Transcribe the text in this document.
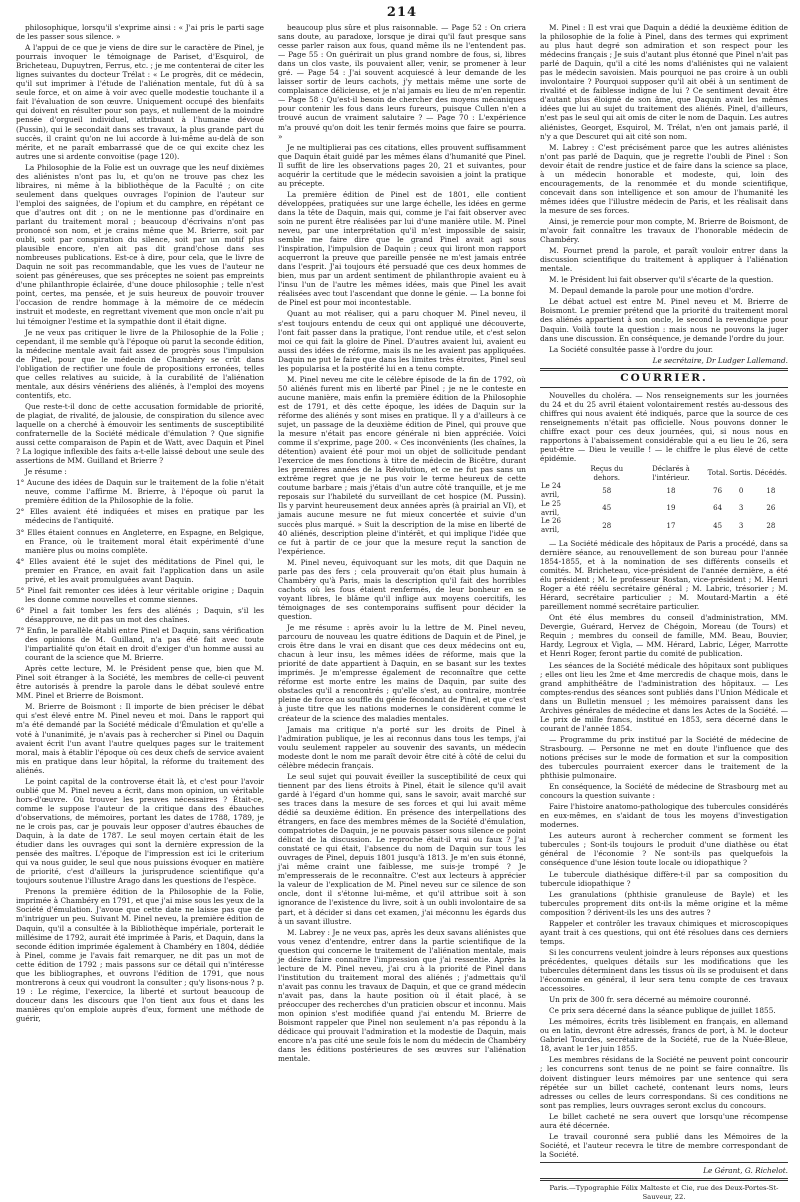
214

philosophique, lorsqu'il s'exprime ainsi : « J'ai pris le parti sage de les passer sous silence. »

A l'appui de ce que je viens de dire sur le caractère de Pinel, je pourrais invoquer le témoignage de Pariset, d'Esquirol, de Bricheteau, Dupuytren, Ferrus, etc. ; je me contenterai de citer les lignes suivantes du docteur Trélat : « Le progrès, dit ce médecin, qu'il sut imprimer à l'étude de l'aliénation mentale, fut dû à sa seule force, et on aime à voir avec quelle modestie touchante il a fait l'évaluation de son œuvre. Uniquement occupé des bienfaits qui doivent en résulter pour son pays, et nullement de la moindre pensée d'orgueil individuel, attribuant à l'humaine dévoué (Pussin), qui le secondait dans ses travaux, la plus grande part du succès, il craint qu'on ne lui accorde à lui-même au-delà de son mérite, et ne paraît embarrassé que de ce qui excite chez les autres une si ardente convoitise (page 120).

La Philosophie de la Folie est un ouvrage que les neuf dixièmes des aliénistes n'ont pas lu, et qu'on ne trouve pas chez les libraires, ni même à la bibliothèque de la Faculté ; on cite seulement dans quelques ouvrages l'opinion de l'auteur sur l'emploi des saignées, de l'opium et du camphre, en répétant ce que d'autres ont dit ; on ne le mentionne pas d'ordinaire en parlant du traitement moral ; beaucoup d'écrivains n'ont pas prononcé son nom, et je crains même que M. Brierre, soit par oubli, soit par conspiration du silence, soit par un motif plus plausible encore, n'en ait pas dit grand'chose dans ses nombreuses publications. Est-ce à dire, pour cela, que le livre de Daquin ne soit pas recommandable, que les vues de l'auteur ne soient pas généreuses, que ses préceptes ne soient pas empreints d'une philanthropie éclairée, d'une douce philosophie ; telle n'est point, certes, ma pensée, et je suis heureux de pouvoir trouver l'occasion de rendre hommage à la mémoire de ce médecin instruit et modeste, en regrettant vivement que mon oncle n'ait pu lui témoigner l'estime et la sympathie dont il était digne.

Je ne veux pas critiquer le livre de la Philosophie de la Folie ; cependant, il me semble qu'à l'époque où parut la seconde édition, la médecine mentale avait fait assez de progrès sous l'impulsion de Pinel, pour que le médecin de Chambéry se crût dans l'obligation de rectifier une foule de propositions erronées, telles que celles relatives au suicide, à la curabilité de l'aliénation mentale, aux désirs vénériens des aliénés, à l'emploi des moyens contentifs, etc.

Que reste-t-il donc de cette accusation formidable de priorité, de plagiat, de rivalité, de jalousie, de conspiration du silence avec laquelle on a cherché à émouvoir les sentiments de susceptibilité confraternelle de la Société médicale d'émulation ? Que signifie aussi cette comparaison de Papin et de Watt, avec Daquin et Pinel ? La logique inflexible des faits a-t-elle laissé debout une seule des assertions de MM. Guilland et Brierre ?

Je résume :

1° Aucune des idées de Daquin sur le traitement de la folie n'était neuve, comme l'affirme M. Brierre, à l'époque où parut la première édition de la Philosophie de la folie.

2° Elles avaient été indiquées et mises en pratique par les médecins de l'antiquité.

3° Elles étaient connues en Angleterre, en Espagne, en Belgique, en France, où le traitement moral était expérimenté d'une manière plus ou moins complète.

4° Elles avaient été le sujet des méditations de Pinel qui, le premier en France, en avait fait l'application dans un asile privé, et les avait promulguées avant Daquin.

5° Pinel fait remonter ces idées à leur véritable origine ; Daquin les donne comme nouvelles et comme siennes.

6° Pinel a fait tomber les fers des aliénés ; Daquin, s'il les désapprouve, ne dit pas un mot des chaînes.

7° Enfin, le parallèle établi entre Pinel et Daquin, sans vérification des opinions de M. Guilland, n'a pas été fait avec toute l'impartialité qu'on était en droit d'exiger d'un homme aussi au courant de la science que M. Brierre.

Après cette lecture, M. le Président pense que, bien que M. Pinel soit étranger à la Société, les membres de celle-ci peuvent être autorisés à prendre la parole dans le débat soulevé entre MM. Pinel et Brierre de Boismont.

M. Brierre de Boismont : Il importe de bien préciser le débat qui s'est élevé entre M. Pinel neveu et moi. Dans le rapport qui m'a été demandé par la Société médicale d'Émulation et qu'elle a voté à l'unanimité, je n'avais pas à rechercher si Pinel ou Daquin avaient écrit l'un avant l'autre quelques pages sur le traitement moral, mais à établir l'époque où ces deux chefs de service avaient mis en pratique dans leur hôpital, la réforme du traitement des aliénés.

Le point capital de la controverse était là, et c'est pour l'avoir oublié que M. Pinel neveu a écrit, dans mon opinion, un véritable hors-d'œuvre. Où trouver les preuves nécessaires ? Était-ce, comme le suppose l'auteur de la critique dans des ébauches d'observations, de mémoires, portant les dates de 1788, 1789, je ne le crois pas, car je pouvais leur opposer d'autres ébauches de Daquin, à la date de 1787. Le seul moyen certain était de les étudier dans les ouvrages qui sont la dernière expression de la pensée des maîtres. L'époque de l'impression est ici le criterium qui va nous guider, le seul que nous puissions évoquer en matière de priorité, c'est d'ailleurs la jurisprudence scientifique qu'a toujours soutenue l'illustre Arago dans les questions de l'espèce.

Prenons la première édition de la Philosophie de la Folie, imprimée à Chambéry en 1791, et que j'ai mise sous les yeux de la Société d'émulation. J'avoue que cette date ne laisse pas que de m'intriguer un peu. Suivant M. Pinel neveu, la première édition de Daquin, qu'il a consultée à la Bibliothèque impériale, porterait le millésime de 1792, aurait été imprimée à Paris, et Daquin, dans la seconde édition imprimée également à Chambéry en 1804, dédiée à Pinel, comme je l'avais fait remarquer, ne dit pas un mot de cette édition de 1792 ; mais passons sur ce détail qui n'intéresse que les bibliographes, et ouvrons l'édition de 1791, que nous montrerons à ceux qui voudront la consulter ; qu'y lisons-nous ? p. 19 : Le régime, l'exercice, la liberté et surtout beaucoup de douceur dans les discours que l'on tient aux fous et dans les manières qu'on emploie auprès d'eux, forment une méthode de guérir,

beaucoup plus sûre et plus raisonnable. — Page 52 : On criera sans doute, au paradoxe, lorsque je dirai qu'il faut presque sans cesse parler raison aux fous, quand même ils ne l'entendent pas. — Page 55 : On guérirait un plus grand nombre de fous, si, libres dans un clos vaste, ils pouvaient aller, venir, se promener à leur gré. — Page 54 : J'ai souvent acquiescé à leur demande de les laisser sortir de leurs cachots, j'y mettais même une sorte de complaisance délicieuse, et je n'ai jamais eu lieu de m'en repentir. — Page 58 : Qu'est-il besoin de chercher des moyens mécaniques pour contenir les fous dans leurs fureurs, puisque Cullen n'en a trouvé aucun de vraiment salutaire ? — Page 70 : L'expérience m'a prouvé qu'on doit les tenir fermés moins que faire se pourra. »

Je ne multiplierai pas ces citations, elles prouvent suffisamment que Daquin était guidé par les mêmes élans d'humanité que Pinel. Il suffit de lire les observations pages 20, 21 et suivantes, pour acquérir la certitude que le médecin savoisien a joint la pratique au précepte.

La première édition de Pinel est de 1801, elle contient développées, pratiquées sur une large échelle, les idées en germe dans la tête de Daquin, mais qui, comme je l'ai fait observer avec soin ne purent être réalisées par lui d'une manière utile. M. Pinel neveu, par une interprétation qu'il m'est impossible de saisir, semble me faire dire que le grand Pinel avait agi sous l'inspiration, l'impulsion de Daquin ; ceux qui liront mon rapport acquerront la preuve que pareille pensée ne m'est jamais entrée dans l'esprit. J'ai toujours été persuadé que ces deux hommes de bien, mus par un ardent sentiment de philanthropie avaient eu à l'insu l'un de l'autre les mêmes idées, mais que Pinel les avait réalisées avec tout l'ascendant que donne le génie. — La bonne foi de Pinel est pour moi incontestable.

Quant au mot réaliser, qui a paru choquer M. Pinel neveu, il s'est toujours entendu de ceux qui ont appliqué une découverte, l'ont fait passer dans la pratique, l'ont rendue utile, et c'est selon moi ce qui fait la gloire de Pinel. D'autres avaient lui, avaient eu aussi des idées de réforme, mais ils ne les avaient pas appliquées. Daquin ne put le faire que dans les limites très étroites, Pinel seul les popularisa et la postérité lui en a tenu compte.

M. Pinel neveu me cite le célèbre épisode de la fin de 1792, où 50 aliénés furent mis en liberté par Pinel ; je ne le conteste en aucune manière, mais enfin la première édition de la Philosophie est de 1791, et dès cette époque, les idées de Daquin sur la réforme des aliénés y sont mises en pratique. Il y a d'ailleurs à ce sujet, un passage de la deuxième édition de Pinel, qui prouve que la mesure n'était pas encore générale ni bien appréciée. Voici comme il s'exprime, page 200. « Ces inconvénients (les chaînes, la détention) avaient été pour moi un objet de sollicitude pendant l'exercice de mes fonctions à titre de médecin de Bicêtre, durant les premières années de la Révolution, et ce ne fut pas sans un extrême regret que je ne pus voir le terme heureux de cette coutume barbare ; mais j'étais d'un autre côté tranquille, et je me reposais sur l'habileté du surveillant de cet hospice (M. Pussin). Ils y parvint heureusement deux années après (à prairial an VI), et jamais aucune mesure ne fut mieux concertée et suivie d'un succès plus marqué. » Suit la description de la mise en liberté de 40 aliénés, description pleine d'intérêt, et qui implique l'idée que ce fut à partir de ce jour que la mesure reçut la sanction de l'expérience.

M. Pinel neveu, équivoquant sur les mots, dit que Daquin ne parle pas des fers ; cela prouverait qu'on était plus humain à Chambéry qu'à Paris, mais la description qu'il fait des horribles cachots où les fous étaient renfermés, de leur bonheur en se voyant libres, le blâme qu'il inflige aux moyens coercitifs, les témoignages de ses contemporains suffisent pour décider la question.

Je me résume : après avoir lu la lettre de M. Pinel neveu, parcouru de nouveau les quatre éditions de Daquin et de Pinel, je crois être dans le vrai en disant que ces deux médecins ont eu, chacun à leur insu, les mêmes idées de réforme, mais que la priorité de date appartient à Daquin, en se basant sur les textes imprimés. Je m'empresse également de reconnaître que cette réforme est morte entre les mains de Daquin, par suite des obstacles qu'il a rencontrés ; qu'elle s'est, au contraire, montrée pleine de force au souffle du génie fécondant de Pinel, et que c'est à juste titre que les nations modernes le considèrent comme le créateur de la science des maladies mentales.

Jamais ma critique n'a porté sur les droits de Pinel à l'admiration publique, je les ai reconnus dans tous les temps, j'ai voulu seulement rappeler au souvenir des savants, un médecin modeste dont le nom me paraît devoir être cité à côté de celui du célèbre médecin français.

Le seul sujet qui pouvait éveiller la susceptibilité de ceux qui tiennent par des liens étroits à Pinel, était le silence qu'il avait gardé à l'égard d'un homme qui, sans le savoir, avait marché sur ses traces dans la mesure de ses forces et qui lui avait même dédié sa deuxième édition. En présence des interpellations des étrangers, en face des membres mêmes de la Société d'émulation, compatriotes de Daquin, je ne pouvais passer sous silence ce point délicat de la discussion. Le reproche était-il vrai ou faux ? J'ai constaté ce qui était, l'absence du nom de Daquin sur tous les ouvrages de Pinel, depuis 1801 jusqu'à 1813. Je m'en suis étonné, j'ai même craint une faiblesse, me suis-je trompé ? Je m'empresserais de le reconnaître. C'est aux lecteurs à apprécier la valeur de l'explication de M. Pinel neveu sur ce silence de son oncle, dont il s'étonne lui-même, et qu'il attribue soit à son ignorance de l'existence du livre, soit à un oubli involontaire de sa part, et à décider si dans cet examen, j'ai méconnu les égards dus à un savant illustre.

M. Labrey : Je ne veux pas, après les deux savans aliénistes que vous venez d'entendre, entrer dans la partie scientifique de la question qui concerne le traitement de l'aliénation mentale, mais je désire faire connaître l'impression que j'ai ressentie. Après la lecture de M. Pinel neveu, j'ai cru à la priorité de Pinel dans l'institution du traitement moral des aliénés ; j'admettais qu'il n'avait pas connu les travaux de Daquin, et que ce grand médecin n'avait pas, dans la haute position où il était placé, à se préoccuper des recherches d'un praticien obscur et inconnu. Mais mon opinion s'est modifiée quand j'ai entendu M. Brierre de Boismont rappeler que Pinel non seulement n'a pas répondu à la dédicace qui prouvait l'admiration et la modestie de Daquin, mais encore n'a pas cité une seule fois le nom du médecin de Chambéry dans les éditions postérieures de ses œuvres sur l'aliénation mentale.

M. Pinel : Il est vrai que Daquin a dédié la deuxième édition de la philosophie de la folie à Pinel, dans des termes qui expriment au plus haut degré son admiration et son respect pour les médecins français ; Je suis d'autant plus étonné que Pinel n'ait pas parlé de Daquin, qu'il a cité les noms d'aliénistes qui ne valaient pas le médecin savoisien. Mais pourquoi ne pas croire à un oubli involontaire ? Pourquoi supposer qu'il ait obéi à un sentiment de rivalité et de faiblesse indigne de lui ? Ce sentiment devait être d'autant plus éloigné de son âme, que Daquin avait les mêmes idées que lui au sujet du traitement des aliénés. Pinel, d'ailleurs, n'est pas le seul qui ait omis de citer le nom de Daquin. Les autres aliénistes, Georget, Esquirol, M. Trélat, n'en ont jamais parlé, il n'y a que Descuret qui ait cité son nom.

M. Labrey : C'est précisément parce que les autres aliénistes n'ont pas parlé de Daquin, que je regrette l'oubli de Pinel : Son devoir était de rendre justice et de faire dans la science sa place, à un médecin honorable et modeste, qui, loin des encouragements, de la renommée et du monde scientifique, concevait dans son intelligence et son amour de l'humanité les mêmes idées que l'illustre médecin de Paris, et les réalisait dans la mesure de ses forces.

Ainsi, je remercie pour mon compte, M. Brierre de Boismont, de m'avoir fait connaître les travaux de l'honorable médecin de Chambéry.

M. Fournet prend la parole, et paraît vouloir entrer dans la discussion scientifique du traitement à appliquer à l'aliénation mentale.

M. le Président lui fait observer qu'il s'écarte de la question.

M. Depaul demande la parole pour une motion d'ordre.

Le débat actuel est entre M. Pinel neveu et M. Brierre de Boismont. Le premier prétend que la priorité du traitement moral des aliénés appartient à son oncle, le second la revendique pour Daquin. Voilà toute la question : mais nous ne pouvons la juger dans une discussion. En conséquence, je demande l'ordre du jour.

La Société consultée passe à l'ordre du jour.

Le secrétaire, Dr Ludger Lallemand.

COURRIER.

Nouvelles du choléra. — Nos renseignements sur les journées du 24 et du 25 avril étaient volontairement restés au-dessous des chiffres qui nous avaient été indiqués, parce que la source de ces renseignements n'était pas officielle. Nous pouvons donner le chiffre exact pour ces deux journées, qui, si nous nous en rapportons à l'abaissement considérable qui a eu lieu le 26, sera peut-être — Dieu le veuille ! — le chiffre le plus élevé de cette épidémie.

	Reçus du dehors.	Déclarés à l'intérieur.	Total.	Sortis.	Décédés.
Le 24 avril,	58	18	76	0	18
Le 25 avril,	45	19	64	3	26
Le 26 avril,	28	17	45	3	28

— La Société médicale des hôpitaux de Paris a procédé, dans sa dernière séance, au renouvellement de son bureau pour l'année 1854-1855, et à la nomination de ses différents conseils et comités. M. Bricheteau, vice-président de l'année dernière, a été élu président ; M. le professeur Rostan, vice-président ; M. Henri Roger a été réélu secrétaire général ; M. Labric, trésorier ; M. Hérard, secrétaire particulier ; M. Moutard-Martin a été pareillement nommé secrétaire particulier.

Ont été élus membres du conseil d'administration, MM. Devergie, Guérard, Hervez de Chégoin, Moreau (de Tours) et Requin ; membres du conseil de famille, MM. Beau, Bouvier, Hardy, Legroux et Vigla, — MM. Hérard, Labric, Léger, Marrotte et Henri Roger, feront partie du comité de publication.

Les séances de la Société médicale des hôpitaux sont publiques ; elles ont lieu les 2me et 4me mercredis de chaque mois, dans le grand amphithéâtre de l'administration des hôpitaux. — Les comptes-rendus des séances sont publiés dans l'Union Médicale et dans un Bulletin mensuel ; les mémoires paraissent dans les Archives générales de médecine et dans les Actes de la Société. — Le prix de mille francs, institué en 1853, sera décerné dans le courant de l'année 1854.

— Programme du prix institué par la Société de médecine de Strasbourg. — Personne ne met en doute l'influence que des notions précises sur le mode de formation et sur la composition des tubercules pourraient exercer dans le traitement de la phthisie pulmonaire.

En conséquence, la Société de médecine de Strasbourg met au concours la question suivante :

Faire l'histoire anatomo-pathologique des tubercules considérés en eux-mêmes, en s'aidant de tous les moyens d'investigation modernes.

Les auteurs auront à rechercher comment se forment les tubercules ; Sont-ils toujours le produit d'une diathèse ou état général de l'économie ? Ne sont-ils pas quelquefois la conséquence d'une lésion toute locale ou idiopathique ?

Le tubercule diathésique diffère-t-il par sa composition du tubercule idiopathique ?

Les granulations (phthisie granuleuse de Bayle) et les tubercules proprement dits ont-ils la même origine et la même composition ? dérivent-ils les uns des autres ?

Rappeler et contrôler les travaux chimiques et microscopiques ayant trait à ces questions, qui ont été résolues dans ces derniers temps.

Si les concurrens veulent joindre à leurs réponses aux questions précédentes, quelques détails sur les modifications que les tubercules déterminent dans les tissus où ils se produisent et dans l'économie en général, il leur sera tenu compte de ces travaux accessoires.

Un prix de 300 fr. sera décerné au mémoire couronné.

Ce prix sera décerné dans la séance publique de juillet 1855.

Les mémoires, écrits très lisiblement en français, en allemand ou en latin, devront être adressés, francs de port, à M. le docteur Gabriel Tourdes, secrétaire de la Société, rue de la Nuée-Bleue, 18, avant le 1er juin 1855.

Les membres résidans de la Société ne peuvent point concourir ; les concurrens sont tenus de ne point se faire connaître. Ils doivent distinguer leurs mémoires par une sentence qui sera répétée sur un billet cacheté, contenant leurs noms, leurs adresses ou celles de leurs correspondans. Si ces conditions ne sont pas remplies, leurs ouvrages seront exclus du concours.

Le billet cacheté ne sera ouvert que lorsqu'une récompense aura été décernée.

Le travail couronné sera publié dans les Mémoires de la Société, et l'auteur recevra le titre de membre correspondant de la Société.

Le Gérant, G. Richelot.
Paris.—Typographie Félix Malteste et Cie, rue des Deux-Portes-St-Sauveur, 22.
